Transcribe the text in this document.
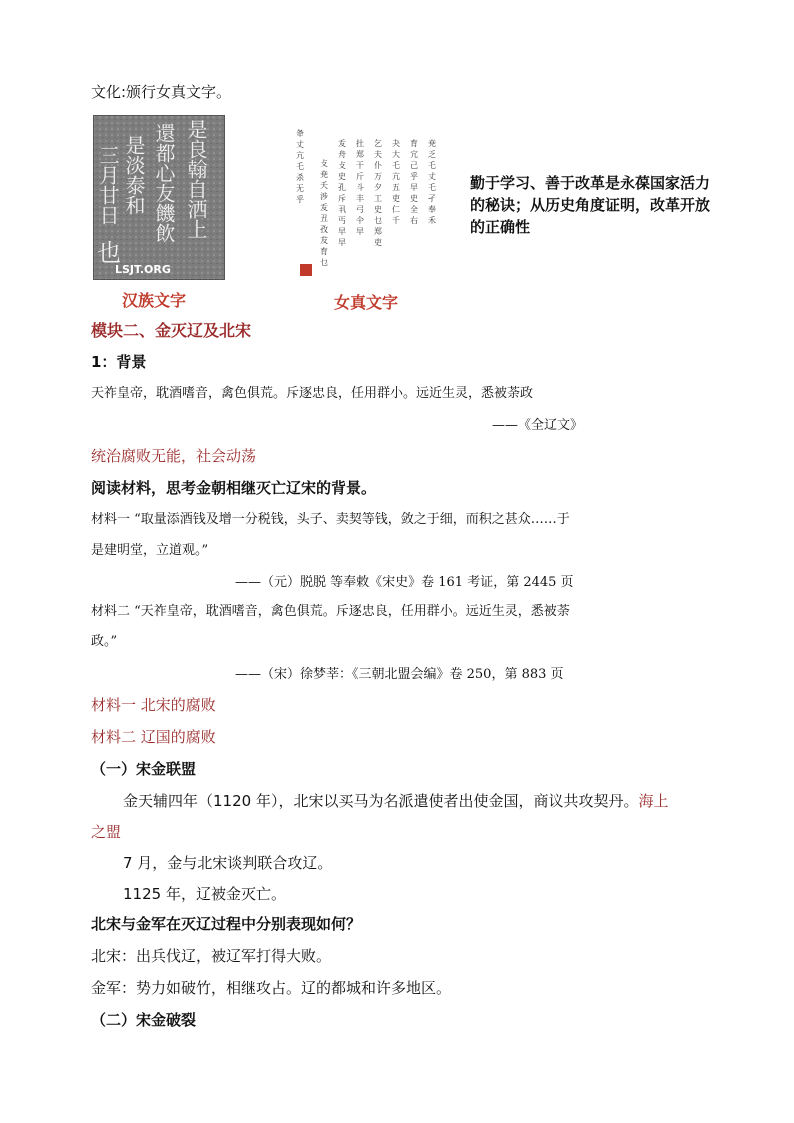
文化:颁行女真文字。
是淡泰和 還都心友饑飲 是良翰自洒上
三月甘日
也
LSJT.ORG
汉族文字
夅丈亢乇杀无乎
攴尭夭涉叐丑孜犮育乜
叐舟攴史孔斥丮丐早早
扗郑干斤斗丰弓仐早
乞夫仆万夕工史乜郑吏
夬大乇亢五吏仁千
育宂己乎早史全右
尭乏乇丈乇孑奉禾
女真文字
勤于学习、善于改革是永葆国家活力的秘诀；从历史角度证明，改革开放的正确性
模块二、金灭辽及北宋
1：背景
天祚皇帝，耽酒嗜音，禽色俱荒。斥逐忠良，任用群小。远近生灵，悉被荼政
——《全辽文》
统治腐败无能，社会动荡
阅读材料，思考金朝相继灭亡辽宋的背景。
材料一 “取量添酒钱及增一分税钱，头子、卖契等钱，敛之于细，而积之甚众……于
是建明堂，立道观。”
——（元）脱脱 等奉敕《宋史》卷 161 考证，第 2445 页
材料二 “天祚皇帝，耽酒嗜音，禽色俱荒。斥逐忠良，任用群小。远近生灵，悉被荼
政。”
——（宋）徐梦莘：《三朝北盟会编》卷 250，第 883 页
材料一 北宋的腐败
材料二 辽国的腐败
（一）宋金联盟
金天辅四年（1120 年），北宋以买马为名派遣使者出使金国，商议共攻契丹。海上
之盟
7 月，金与北宋谈判联合攻辽。
1125 年，辽被金灭亡。
北宋与金军在灭辽过程中分别表现如何？
北宋：出兵伐辽，被辽军打得大败。
金军：势力如破竹，相继攻占。辽的都城和许多地区。
（二）宋金破裂
